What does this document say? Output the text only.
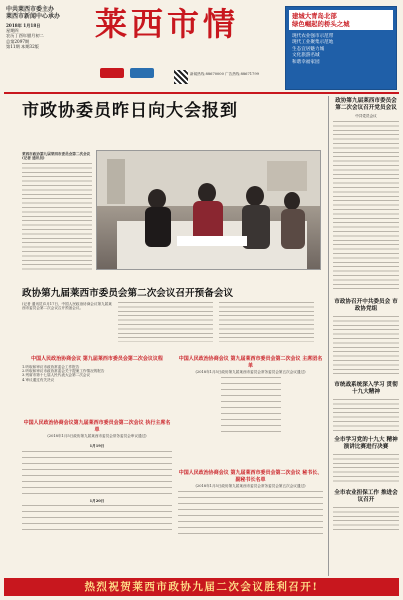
中共莱西市委主办
莱西市新闻中心承办
2018年 1月18日
星期四
农历丁酉年腊月初二
总第2097期
第11期 本期32版
莱西市情
新闻热线:88670000 广告热线:88671799
建城大青岛北部
绿色崛起的桥头之城
现代农业强市示范带
现代工业聚集示范地
生态宜居魅力城
文化旅游名城
和谐幸福家园
市政协委员昨日向大会报到
莱西市政协第九届莱西市委员会第二次会议 (记者 通讯员)
政协第九届莱西市委员会第二次会议召开预备会议
(记者 通讯员)1月17日，中国人民政治协商会议第九届莱西市委员会第二次会议召开预备会议。
中国人民政治协商会议 第九届莱西市委员会第二次会议议程
1.听取和审议市政协常委会工作报告
2.听取和审议市政协常委会关于提案工作情况的报告
3.列席市第十七届人民代表大会第二次会议
4.审议通过有关决议
中国人民政治协商会议 第九届莱西市委员会第二次会议 主席团名单
(2018年1月5日政协第九届莱西市委员会常务委员会第五次会议通过)
中国人民政治协商会议第九届莱西市委员会第二次会议 执行主席名单
(2018年1月5日政协第九届莱西市委员会常务委员会审议通过)
1月19日
1月20日
中国人民政治协商会议 第九届莱西市委员会第二次会议 秘书长、副秘书长名单
(2018年1月5日政协第九届莱西市委员会常务委员会第五次会议通过)
政协第九届莱西市委员会第二次会议召开党员会议
中共党员会议
市政协召开中共委员会 市政协党组
市统战系统深入学习 贯彻十九大精神
全市学习党的十九大 精神演讲比赛进行决赛
全市农业担保工作 推进会议召开
热烈祝贺莱西市政协九届二次会议胜利召开!
